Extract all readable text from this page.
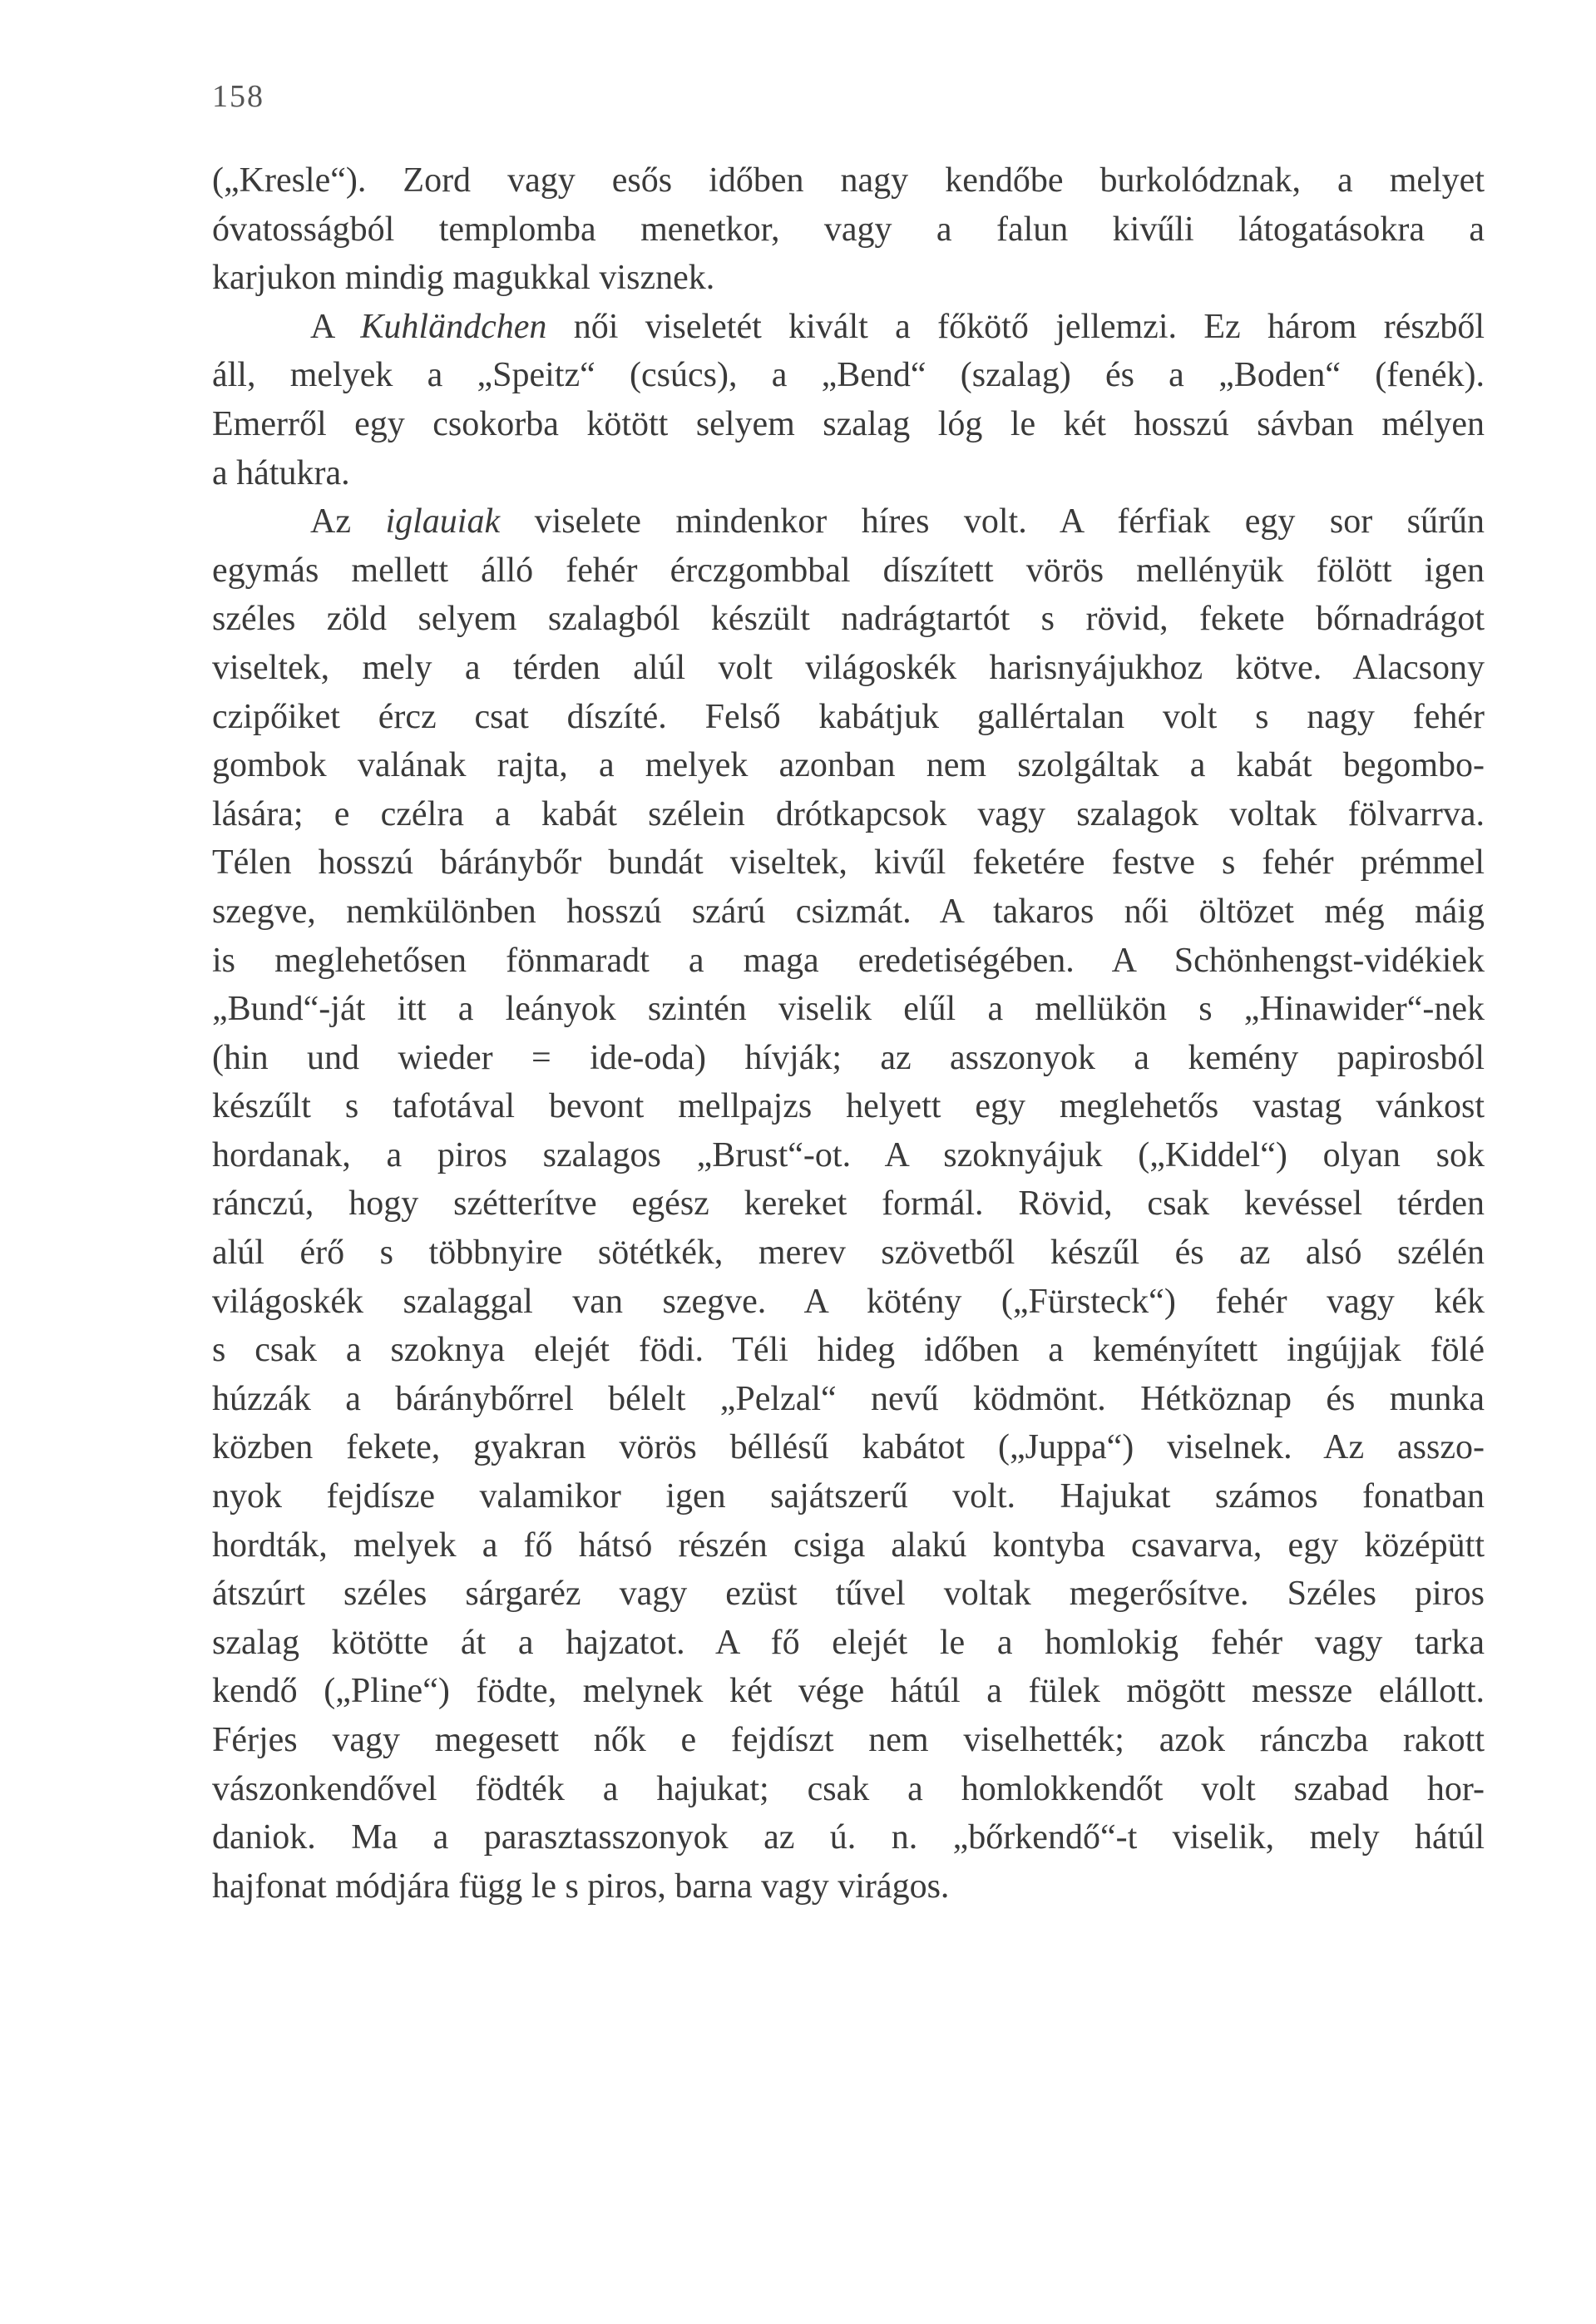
158
(„Kresle“). Zord vagy esős időben nagy kendőbe burkolódznak, a melyet
óvatosságból templomba menetkor, vagy a falun kivűli látogatásokra a
karjukon mindig magukkal visznek.
A Kuhländchen női viseletét kivált a főkötő jellemzi. Ez három részből
áll, melyek a „Speitz“ (csúcs), a „Bend“ (szalag) és a „Boden“ (fenék).
Emerről egy csokorba kötött selyem szalag lóg le két hosszú sávban mélyen
a hátukra.
Az iglauiak viselete mindenkor híres volt. A férfiak egy sor sűrűn
egymás mellett álló fehér érczgombbal díszített vörös mellényük fölött igen
széles zöld selyem szalagból készült nadrágtartót s rövid, fekete bőrnadrágot
viseltek, mely a térden alúl volt világoskék harisnyájukhoz kötve. Alacsony
czipőiket ércz csat díszíté. Felső kabátjuk gallértalan volt s nagy fehér
gombok valának rajta, a melyek azonban nem szolgáltak a kabát begombo-
lására; e czélra a kabát szélein drótkapcsok vagy szalagok voltak fölvarrva.
Télen hosszú báránybőr bundát viseltek, kivűl feketére festve s fehér prémmel
szegve, nemkülönben hosszú szárú csizmát. A takaros női öltözet még máig
is meglehetősen fönmaradt a maga eredetiségében. A Schönhengst-vidékiek
„Bund“-ját itt a leányok szintén viselik elűl a mellükön s „Hinawider“-nek
(hin und wieder = ide-oda) hívják; az asszonyok a kemény papirosból
készűlt s tafotával bevont mellpajzs helyett egy meglehetős vastag vánkost
hordanak, a piros szalagos „Brust“-ot. A szoknyájuk („Kiddel“) olyan sok
ránczú, hogy szétterítve egész kereket formál. Rövid, csak kevéssel térden
alúl érő s többnyire sötétkék, merev szövetből készűl és az alsó szélén
világoskék szalaggal van szegve. A kötény („Fürsteck“) fehér vagy kék
s csak a szoknya elejét födi. Téli hideg időben a keményített ingújjak fölé
húzzák a báránybőrrel bélelt „Pelzal“ nevű ködmönt. Hétköznap és munka
közben fekete, gyakran vörös béllésű kabátot („Juppa“) viselnek. Az asszo-
nyok fejdísze valamikor igen sajátszerű volt. Hajukat számos fonatban
hordták, melyek a fő hátsó részén csiga alakú kontyba csavarva, egy középütt
átszúrt széles sárgaréz vagy ezüst tűvel voltak megerősítve. Széles piros
szalag kötötte át a hajzatot. A fő elejét le a homlokig fehér vagy tarka
kendő („Pline“) födte, melynek két vége hátúl a fülek mögött messze elállott.
Férjes vagy megesett nők e fejdíszt nem viselhették; azok ránczba rakott
vászonkendővel födték a hajukat; csak a homlokkendőt volt szabad hor-
daniok. Ma a parasztasszonyok az ú. n. „bőrkendő“-t viselik, mely hátúl
hajfonat módjára függ le s piros, barna vagy virágos.
